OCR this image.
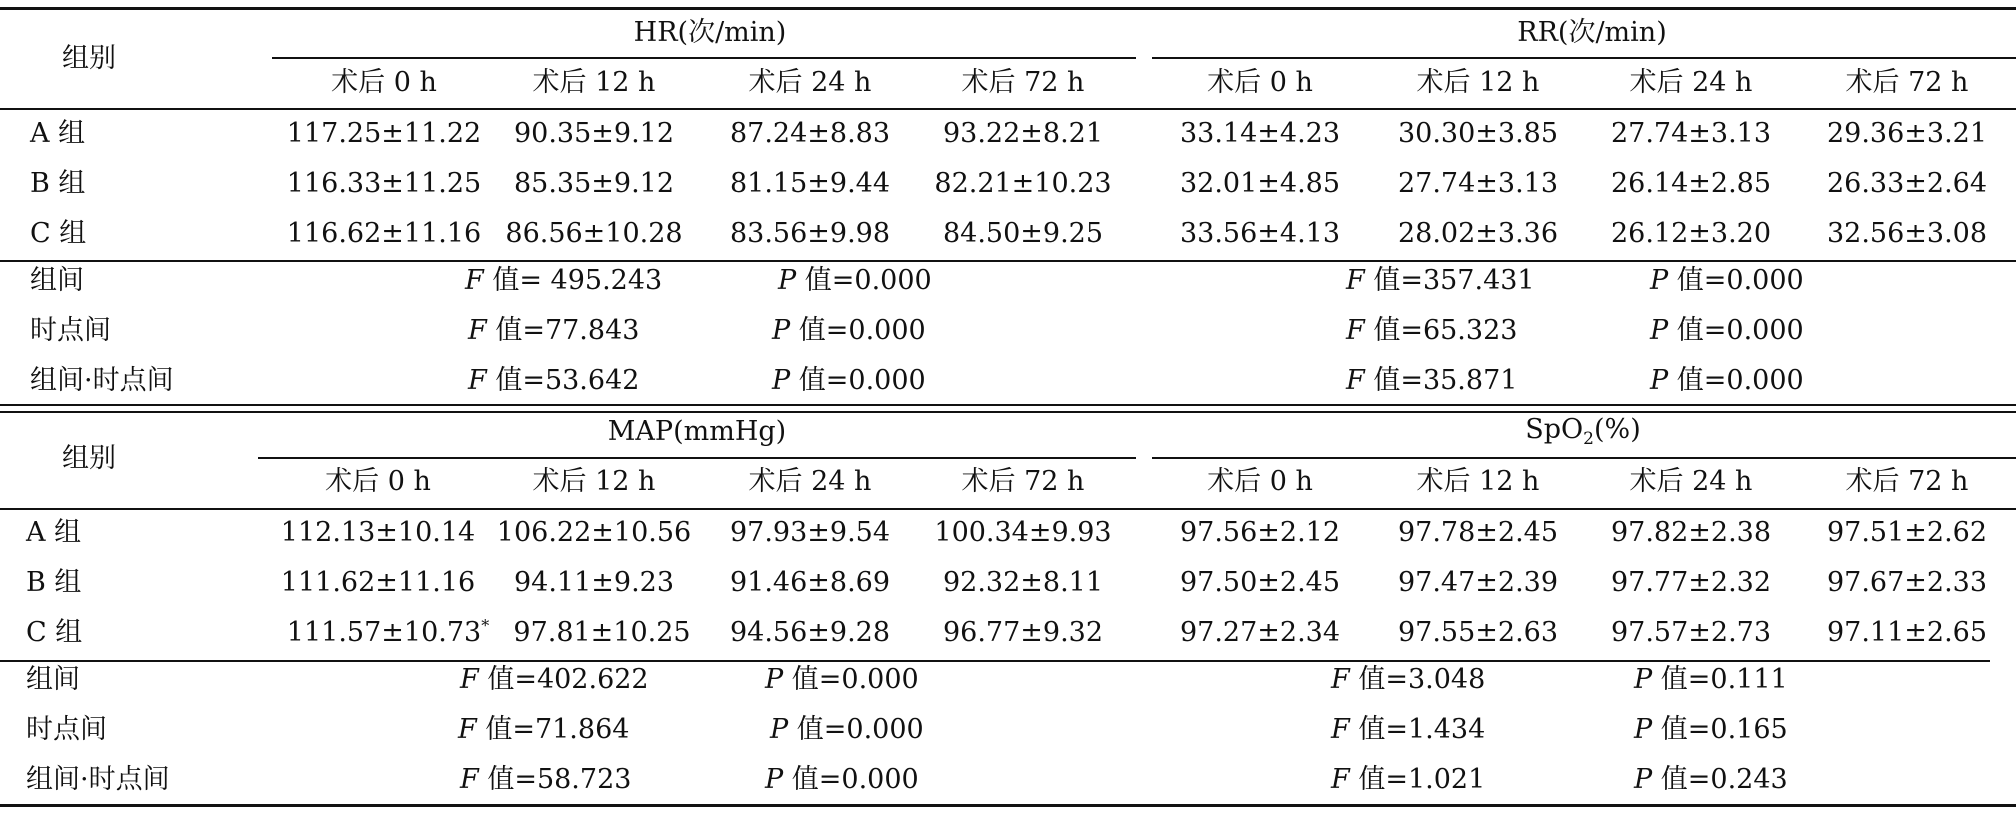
组别
HR(次/min)	RR(次/min)
术后 0 h	术后 12 h	术后 24 h	术后 72 h	术后 0 h	术后 12 h	术后 24 h	术后 72 h
A 组	117.25±11.22 90.35±9.12 87.24±8.83 93.22±8.21	33.14±4.23 30.30±3.85 27.74±3.13 29.36±3.21
B 组	116.33±11.25 85.35±9.12 81.15±9.44 82.21±10.23	32.01±4.85 27.74±3.13 26.14±2.85 26.33±2.64
C 组	116.62±11.16 86.56±10.28 83.56±9.98 84.50±9.25	33.56±4.13 28.02±3.36 26.12±3.20 32.56±3.08
组间	F 值= 495.243	P 值=0.000	F 值=357.431	P 值=0.000
时点间	F 值=77.843	P 值=0.000	F 值=65.323	P 值=0.000
组间·时点间	F 值=53.642	P 值=0.000	F 值=35.871	P 值=0.000
组别
MAP(mmHg)	SpO$_2$(%)
术后 0 h	术后 12 h	术后 24 h	术后 72 h	术后 0 h	术后 12 h	术后 24 h	术后 72 h
A 组	112.13±10.14 106.22±10.56 97.93±9.54 100.34±9.93	97.56±2.12 97.78±2.45 97.82±2.38 97.51±2.62
B 组	111.62±11.16 94.11±9.23 91.46±8.69 92.32±8.11	97.50±2.45 97.47±2.39 97.77±2.32 97.67±2.33
C 组	111.57±10.73* 97.81±10.25 94.56±9.28 96.77±9.32	97.27±2.34 97.55±2.63 97.57±2.73 97.11±2.65
组间	F 值=402.622	P 值=0.000	F 值=3.048	P 值=0.111
时点间	F 值=71.864	P 值=0.000	F 值=1.434	P 值=0.165
组间·时点间	F 值=58.723	P 值=0.000	F 值=1.021	P 值=0.243
